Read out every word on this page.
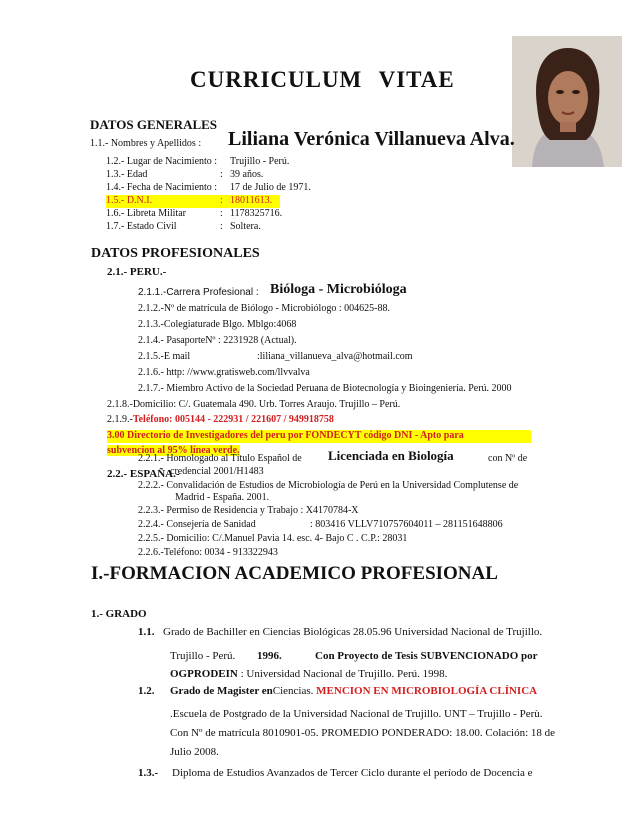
CURRICULUM VITAE
DATOS GENERALES
1.1.- Nombres y Apellidos : Liliana Verónica Villanueva Alva.
1.2.- Lugar de Nacimiento : Trujillo - Perú.
1.3.- Edad	: 39 años.
1.4.- Fecha de Nacimiento : 17 de Julio de 1971.
1.5.- D.N.I.	: 18011613.
1.6.- Libreta Militar	: 1178325716.
1.7.- Estado Civil	: Soltera.
DATOS PROFESIONALES
2.1.- PERU.-
2.1.1.-Carrera Profesional : Bióloga - Microbióloga
2.1.2.-Nº de matrícula de Biólogo - Microbiólogo : 004625-88.
2.1.3.-Colegiaturade Blgo. Mblgo:4068
2.1.4.- PasaporteNº : 2231928 (Actual).
2.1.5.-E mail	:liliana_villanueva_alva@hotmail.com
2.1.6.- http: //www.gratisweb.com/llvvalva
2.1.7.- Miembro Activo de la Sociedad Peruana de Biotecnología y Bioingeniería. Perú. 2000
2.1.8.-Domicilio: C/. Guatemala 490. Urb. Torres Araujo. Trujillo – Perú.
2.1.9.-Teléfono: 005144 - 222931 / 221607 / 949918758
3.00 Directorio de Investigadores del peru por FONDECYT código DNI - Apto para
subvencion al 95% línea verde.
2.2.- ESPAÑA.-
2.2.1.- Homologado al Título Español de Licenciada en Biología	con Nº de
credencial 2001/H1483
2.2.2.- Convalidación de Estudios de Microbiología de Perú en la Universidad Complutense de
Madrid - España. 2001.
2.2.3.- Permiso de Residencia y Trabajo : X4170784-X
2.2.4.- Consejería de Sanidad	: 803416 VLLV710757604011 – 281151648806
2.2.5.- Domicilio: C/.Manuel Pavia 14. esc. 4- Bajo C . C.P.: 28031
2.2.6.-Teléfono: 0034 - 913322943
I.-FORMACION ACADEMICO PROFESIONAL
1.- GRADO
1.1. Grado de Bachiller en Ciencias Biológicas 28.05.96 Universidad Nacional de Trujillo.
Trujillo - Perú. 1996.	Con Proyecto de Tesis SUBVENCIONADO por
OGPRODEIN : Universidad Nacional de Trujillo. Perú. 1998.
1.2. Grado de Magister enCiencias. MENCION EN MICROBIOLOGÍA CLÍNICA
.Escuela de Postgrado de la Universidad Nacional de Trujillo. UNT – Trujillo - Perù.
Con Nº de matrícula 8010901-05. PROMEDIO PONDERADO: 18.00. Colación: 18 de
Julio 2008.
1.3.- Diploma de Estudios Avanzados de Tercer Ciclo durante el período de Docencia e
